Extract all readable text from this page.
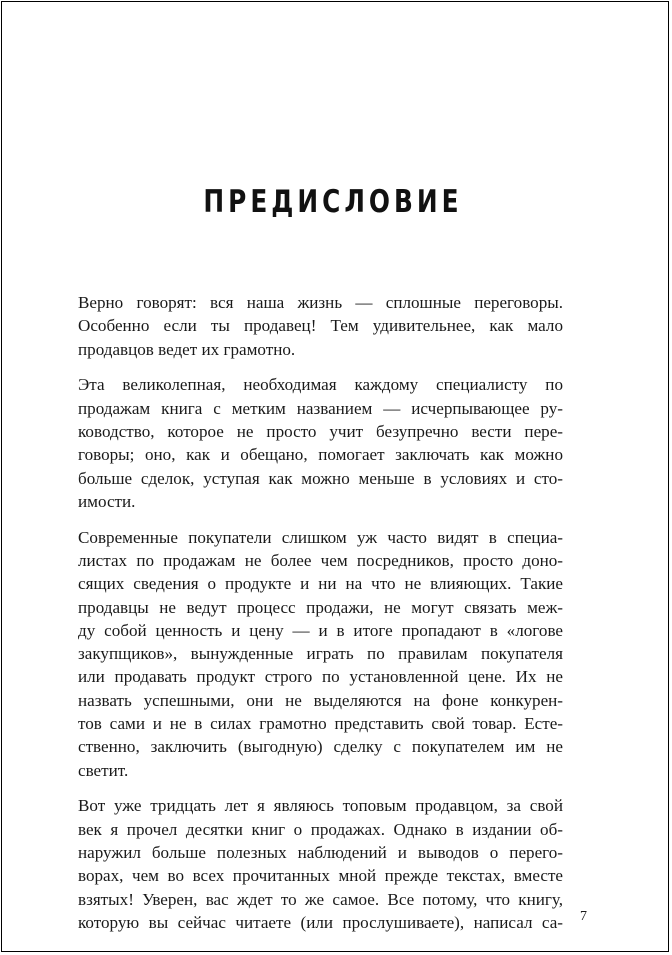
ПРЕДИСЛОВИЕ

Верно говорят: вся наша жизнь — сплошные переговоры.
Особенно если ты продавец! Тем удивительнее, как мало
продавцов ведет их грамотно.

Эта великолепная, необходимая каждому специалисту по
продажам книга с метким названием — исчерпывающее ру-
ководство, которое не просто учит безупречно вести пере-
говоры; оно, как и обещано, помогает заключать как можно
больше сделок, уступая как можно меньше в условиях и сто-
имости.

Современные покупатели слишком уж часто видят в специа-
листах по продажам не более чем посредников, просто доно-
сящих сведения о продукте и ни на что не влияющих. Такие
продавцы не ведут процесс продажи, не могут связать меж-
ду собой ценность и цену — и в итоге пропадают в «логове
закупщиков», вынужденные играть по правилам покупателя
или продавать продукт строго по установленной цене. Их не
назвать успешными, они не выделяются на фоне конкурен-
тов сами и не в силах грамотно представить свой товар. Есте-
ственно, заключить (выгодную) сделку с покупателем им не
светит.

Вот уже тридцать лет я являюсь топовым продавцом, за свой
век я прочел десятки книг о продажах. Однако в издании об-
наружил больше полезных наблюдений и выводов о перего-
ворах, чем во всех прочитанных мной прежде текстах, вместе
взятых! Уверен, вас ждет то же самое. Все потому, что книгу,
которую вы сейчас читаете (или прослушиваете), написал са- 7
